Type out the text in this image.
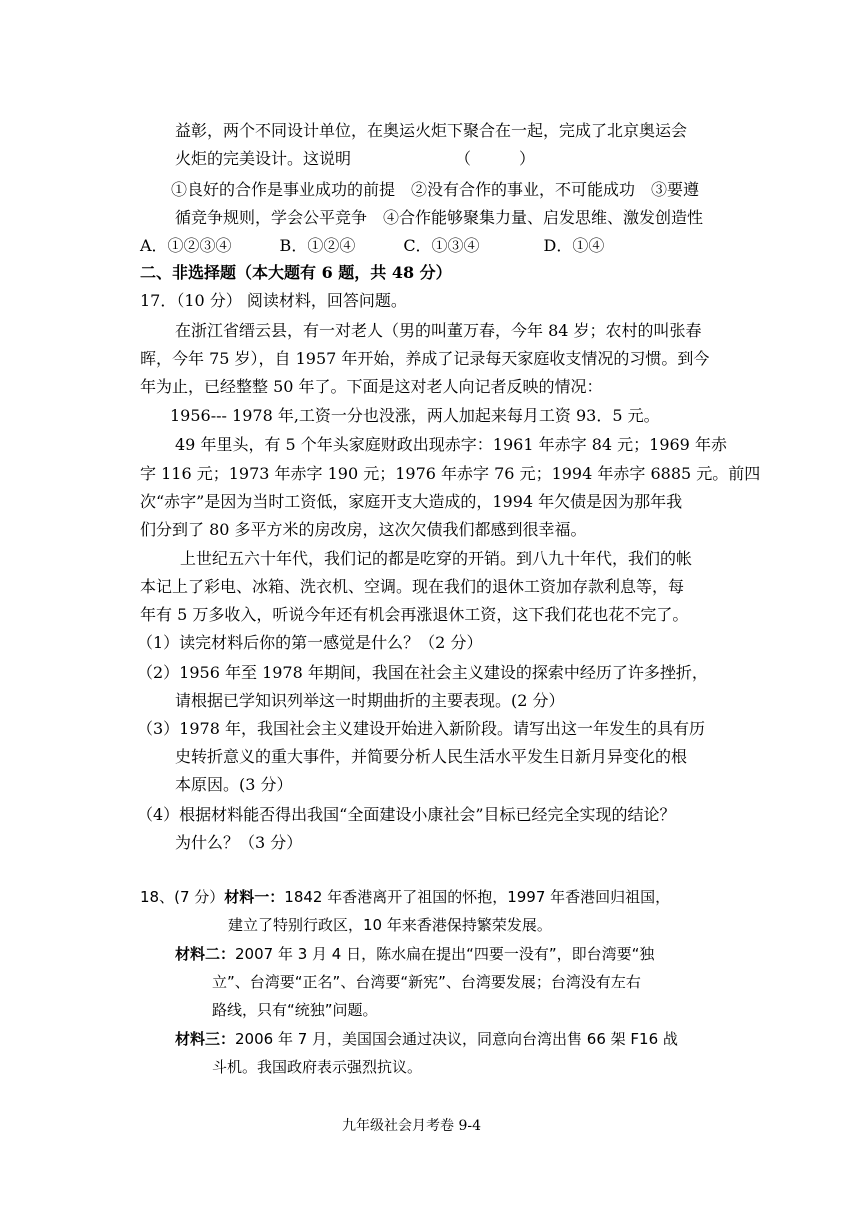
益彰，两个不同设计单位，在奥运火炬下聚合在一起，完成了北京奥运会
火炬的完美设计。这说明　　　　　　　（　　　）
①良好的合作是事业成功的前提　②没有合作的事业，不可能成功　③要遵
循竞争规则，学会公平竞争　④合作能够聚集力量、启发思维、激发创造性
A．①②③④　　　B．①②④　　　C．①③④　　　　D．①④
二、非选择题（本大题有 6 题，共 48 分）
17．（10 分） 阅读材料，回答问题。
在浙江省缙云县，有一对老人（男的叫董万春，今年 84 岁；农村的叫张春
晖，今年 75 岁），自 1957 年开始，养成了记录每天家庭收支情况的习惯。到今
年为止，已经整整 50 年了。下面是这对老人向记者反映的情况：
1956--- 1978 年,工资一分也没涨，两人加起来每月工资 93．5 元。
49 年里头，有 5 个年头家庭财政出现赤字：1961 年赤字 84 元；1969 年赤
字 116 元；1973 年赤字 190 元；1976 年赤字 76 元；1994 年赤字 6885 元。前四
次“赤字”是因为当时工资低，家庭开支大造成的，1994 年欠债是因为那年我
们分到了 80 多平方米的房改房，这次欠债我们都感到很幸福。
上世纪五六十年代，我们记的都是吃穿的开销。到八九十年代，我们的帐
本记上了彩电、冰箱、洗衣机、空调。现在我们的退休工资加存款利息等，每
年有 5 万多收入，听说今年还有机会再涨退休工资，这下我们花也花不完了。
（1）读完材料后你的第一感觉是什么？（2 分）
（2）1956 年至 1978 年期间，我国在社会主义建设的探索中经历了许多挫折，
请根据已学知识列举这一时期曲折的主要表现。(2 分）
（3）1978 年，我国社会主义建设开始进入新阶段。请写出这一年发生的具有历
史转折意义的重大事件，并简要分析人民生活水平发生日新月异变化的根
本原因。(3 分）
（4）根据材料能否得出我国“全面建设小康社会”目标已经完全实现的结论？
为什么？（3 分）
18、(7 分）材料一：1842 年香港离开了祖国的怀抱，1997 年香港回归祖国，
建立了特别行政区，10 年来香港保持繁荣发展。
材料二：2007 年 3 月 4 日，陈水扁在提出“四要一没有”，即台湾要“独
立”、台湾要“正名”、台湾要“新宪”、台湾要发展；台湾没有左右
路线，只有“统独”问题。
材料三：2006 年 7 月，美国国会通过决议，同意向台湾出售 66 架 F16 战
斗机。我国政府表示强烈抗议。
九年级社会月考卷 9-4
